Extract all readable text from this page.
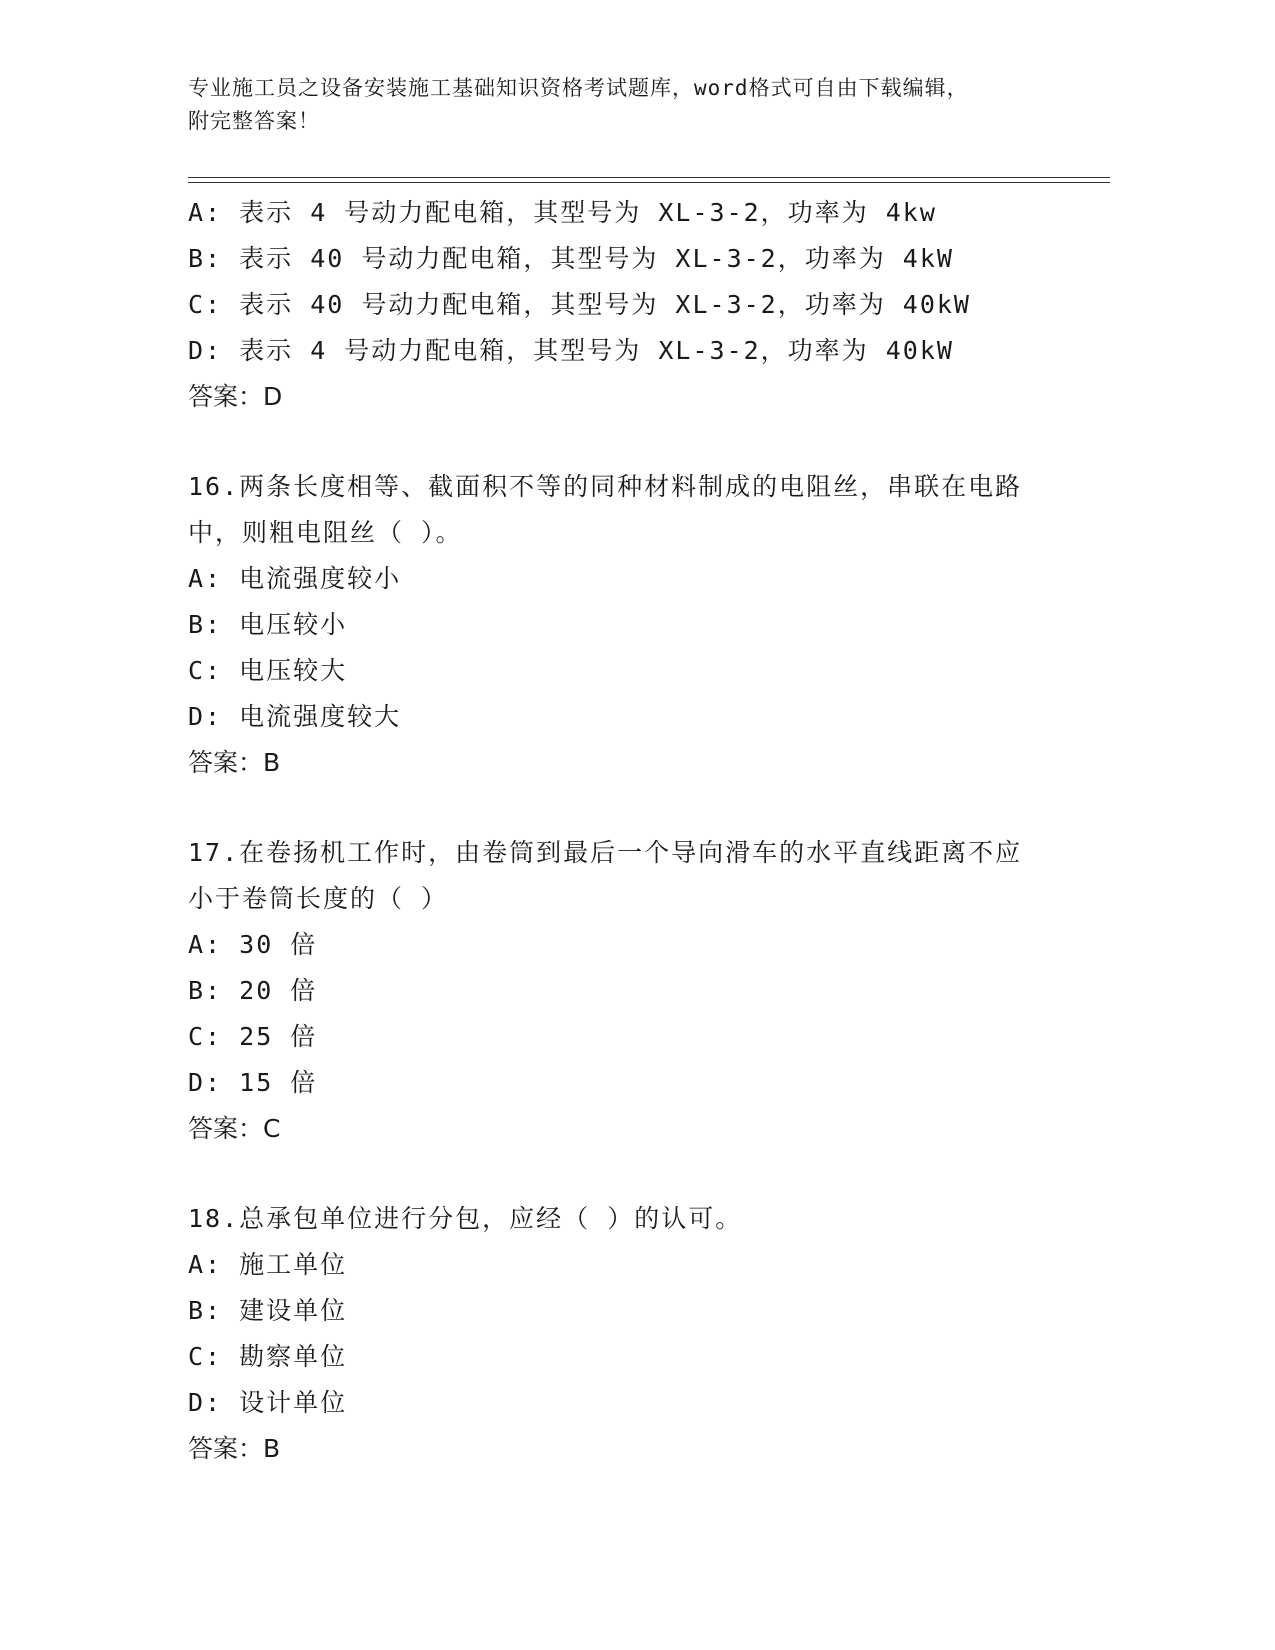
专业施工员之设备安装施工基础知识资格考试题库，word格式可自由下载编辑，
附完整答案！
A: 表示 4 号动力配电箱，其型号为 XL-3-2，功率为 4kw
B: 表示 40 号动力配电箱，其型号为 XL-3-2，功率为 4kW
C: 表示 40 号动力配电箱，其型号为 XL-3-2，功率为 40kW
D: 表示 4 号动力配电箱，其型号为 XL-3-2，功率为 40kW
答案：D
16.两条长度相等、截面积不等的同种材料制成的电阻丝，串联在电路
中，则粗电阻丝（ ）。
A: 电流强度较小
B: 电压较小
C: 电压较大
D: 电流强度较大
答案：B
17.在卷扬机工作时，由卷筒到最后一个导向滑车的水平直线距离不应
小于卷筒长度的（ ）
A: 30 倍
B: 20 倍
C: 25 倍
D: 15 倍
答案：C
18.总承包单位进行分包，应经（ ）的认可。
A: 施工单位
B: 建设单位
C: 勘察单位
D: 设计单位
答案：B
